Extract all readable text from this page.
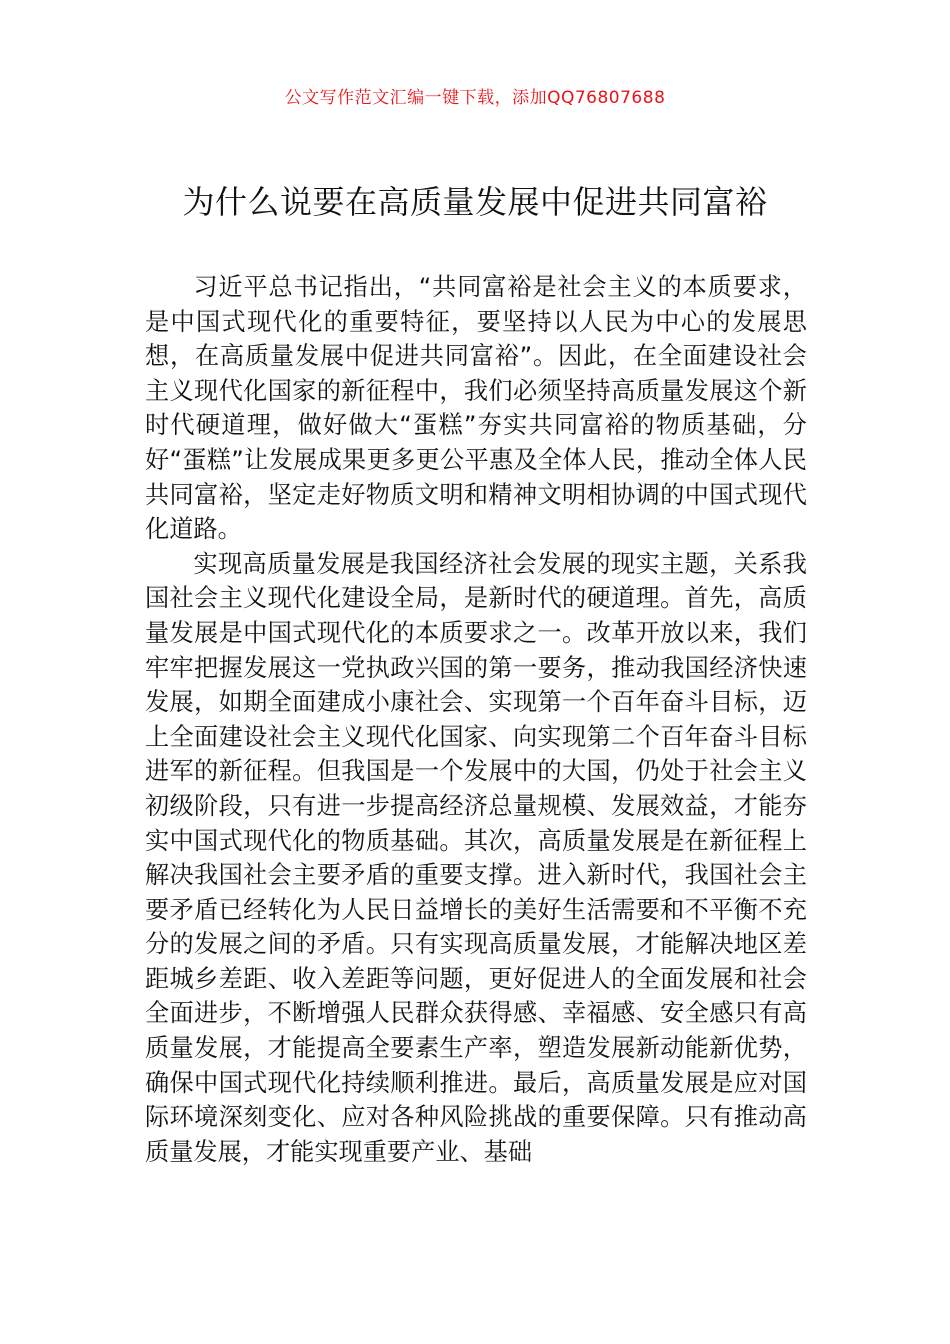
公文写作范文汇编一键下载，添加QQ76807688
为什么说要在高质量发展中促进共同富裕

习近平总书记指出，“共同富裕是社会主义的本质要求，是中国式现代化的重要特征，要坚持以人民为中心的发展思想，在高质量发展中促进共同富裕”。因此，在全面建设社会主义现代化国家的新征程中，我们必须坚持高质量发展这个新时代硬道理，做好做大“蛋糕”夯实共同富裕的物质基础，分好“蛋糕”让发展成果更多更公平惠及全体人民，推动全体人民共同富裕，坚定走好物质文明和精神文明相协调的中国式现代化道路。

实现高质量发展是我国经济社会发展的现实主题，关系我国社会主义现代化建设全局，是新时代的硬道理。首先，高质量发展是中国式现代化的本质要求之一。改革开放以来，我们牢牢把握发展这一党执政兴国的第一要务，推动我国经济快速发展，如期全面建成小康社会、实现第一个百年奋斗目标，迈上全面建设社会主义现代化国家、向实现第二个百年奋斗目标进军的新征程。但我国是一个发展中的大国，仍处于社会主义初级阶段，只有进一步提高经济总量规模、发展效益，才能夯实中国式现代化的物质基础。其次，高质量发展是在新征程上解决我国社会主要矛盾的重要支撑。进入新时代，我国社会主要矛盾已经转化为人民日益增长的美好生活需要和不平衡不充分的发展之间的矛盾。只有实现高质量发展，才能解决地区差距城乡差距、收入差距等问题，更好促进人的全面发展和社会全面进步，不断增强人民群众获得感、幸福感、安全感只有高质量发展，才能提高全要素生产率，塑造发展新动能新优势，确保中国式现代化持续顺利推进。最后，高质量发展是应对国际环境深刻变化、应对各种风险挑战的重要保障。只有推动高质量发展，才能实现重要产业、基础
